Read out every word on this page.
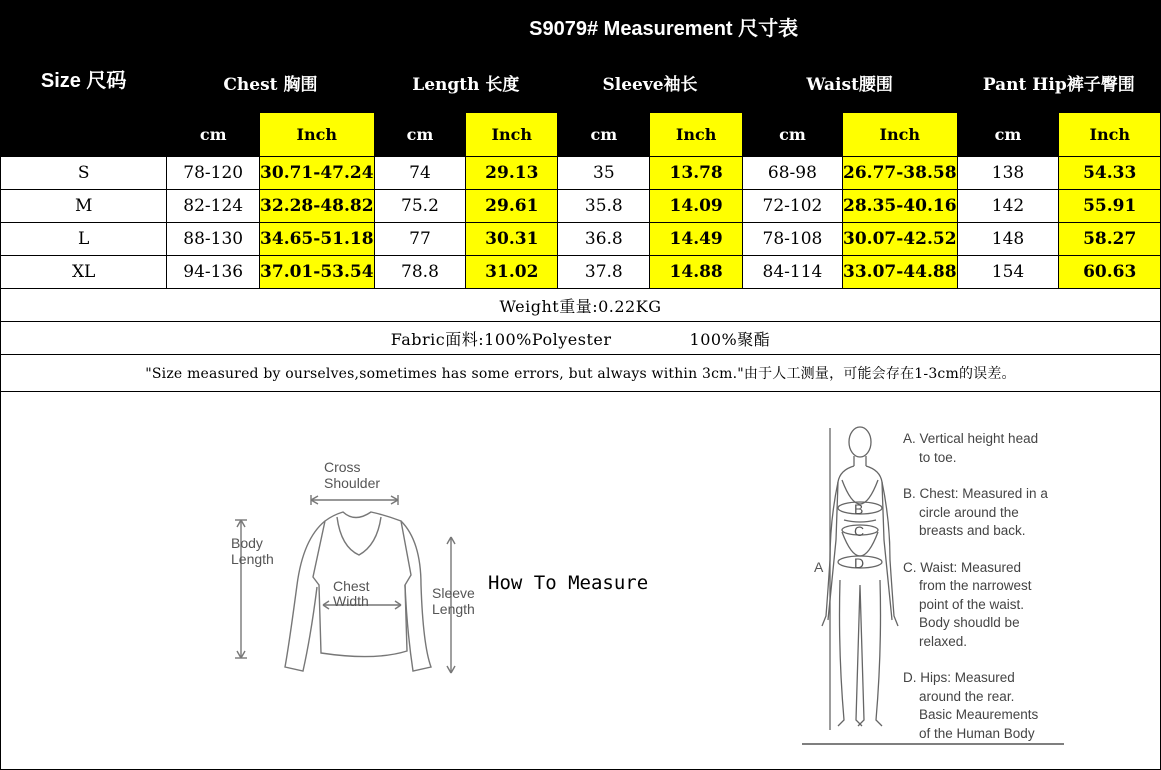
Size 尺码	S9079# Measurement 尺寸表									
	Chest 胸围		Length 长度		Sleeve袖长		Waist腰围		Pant Hip裤子臀围	
	cm	Inch	cm	Inch	cm	Inch	cm	Inch	cm	Inch
S	78-120	30.71-47.24	74	29.13	35	13.78	68-98	26.77-38.58	138	54.33
M	82-124	32.28-48.82	75.2	29.61	35.8	14.09	72-102	28.35-40.16	142	55.91
L	88-130	34.65-51.18	77	30.31	36.8	14.49	78-108	30.07-42.52	148	58.27
XL	94-136	37.01-53.54	78.8	31.02	37.8	14.88	84-114	33.07-44.88	154	60.63
Weight重量:0.22KG										
Fabric面料:100%Polyester 100%聚酯										
"Size measured by ourselves,sometimes has some errors, but always within 3cm."由于人工测量，可能会存在1-3cm的误差。										
Cross
Shoulder
Body
Length
Chest
Width	Sleeve
Length
How To Measure
B
C
D
A
A. Vertical height head
to toe.
B. Chest: Measured in a
circle around the
breasts and back.
C. Waist: Measured
from the narrowest
point of the waist.
Body shoudld be
relaxed.
D. Hips: Measured
around the rear.
Basic Meaurements
of the Human Body
